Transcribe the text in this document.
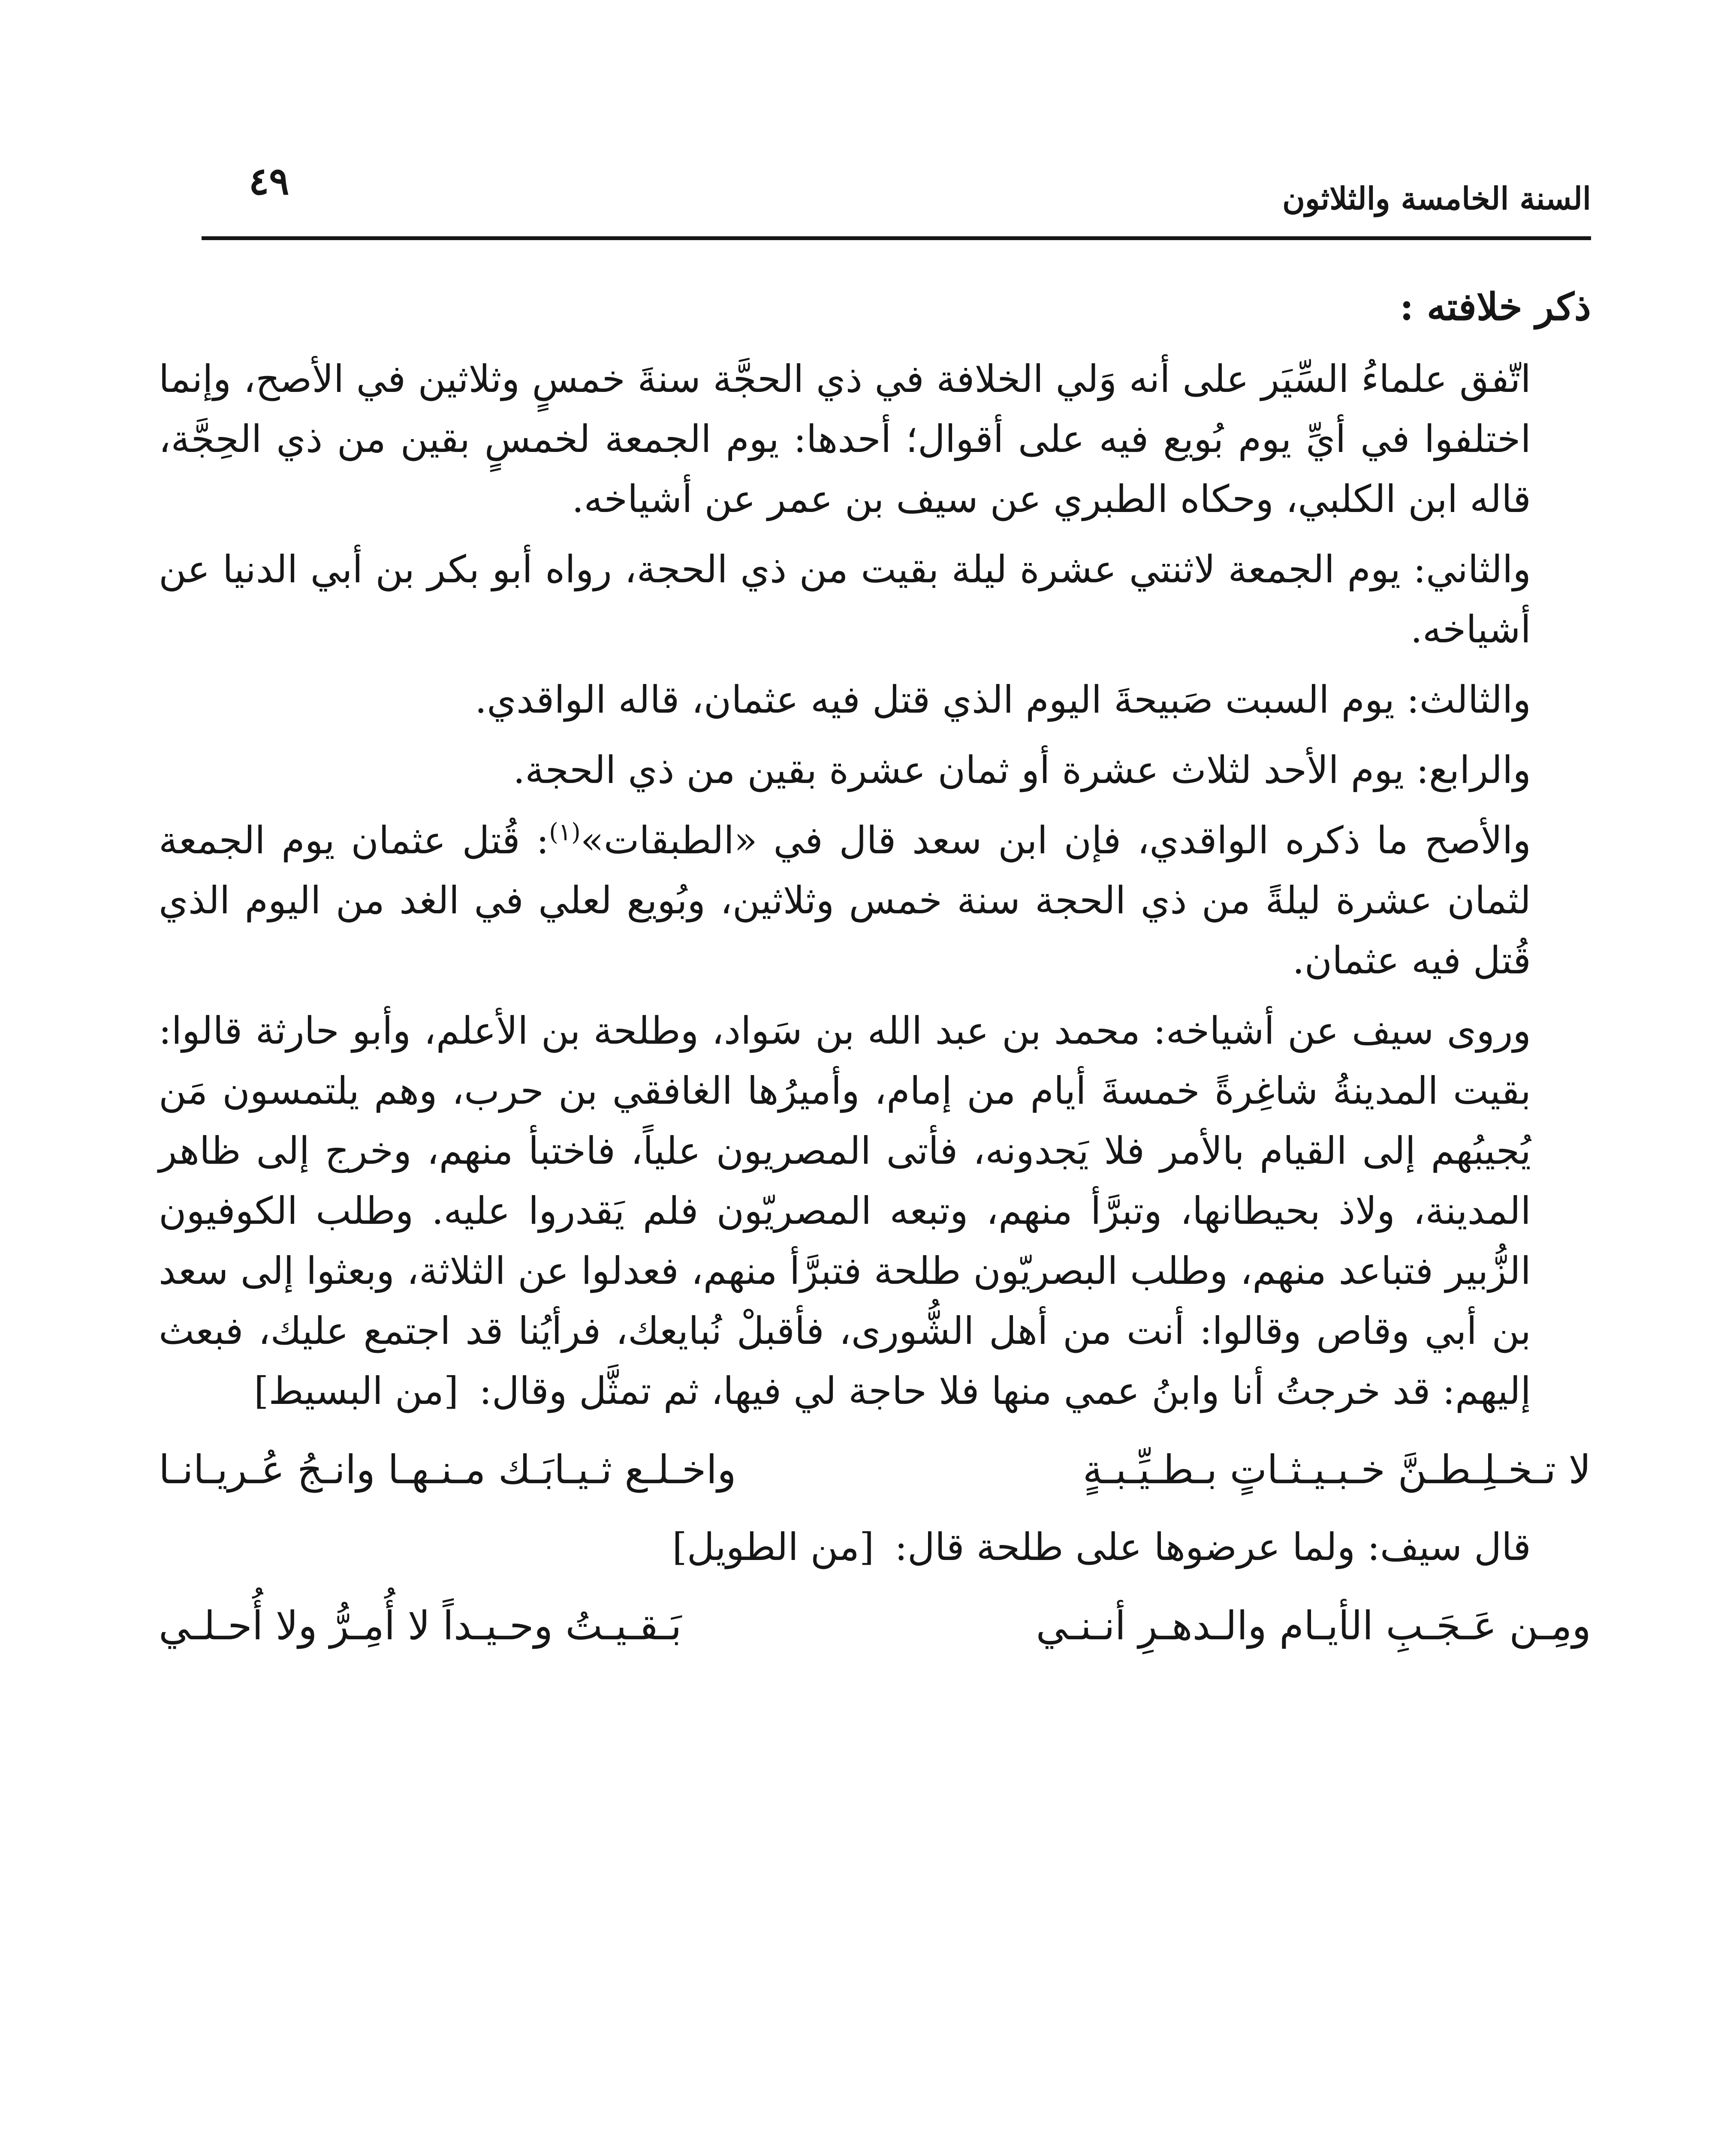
السنة الخامسة والثلاثون
٤٩

ذكر خلافته :

اتّفق علماءُ السِّيَر على أنه وَلي الخلافة في ذي الحجَّة سنةَ خمسٍ وثلاثين في الأصح، وإنما اختلفوا في أيِّ يوم بُويع فيه على أقوال؛ أحدها: يوم الجمعة لخمسٍ بقين من ذي الحِجَّة، قاله ابن الكلبي، وحكاه الطبري عن سيف بن عمر عن أشياخه.

والثاني: يوم الجمعة لاثنتي عشرة ليلة بقيت من ذي الحجة، رواه أبو بكر بن أبي الدنيا عن أشياخه.

والثالث: يوم السبت صَبيحةَ اليوم الذي قتل فيه عثمان، قاله الواقدي.

والرابع: يوم الأحد لثلاث عشرة أو ثمان عشرة بقين من ذي الحجة.

والأصح ما ذكره الواقدي، فإن ابن سعد قال في «الطبقات»$^{(١)}$: قُتل عثمان يوم الجمعة لثمان عشرة ليلةً من ذي الحجة سنة خمس وثلاثين، وبُويع لعلي في الغد من اليوم الذي قُتل فيه عثمان.

وروى سيف عن أشياخه: محمد بن عبد الله بن سَواد، وطلحة بن الأعلم، وأبو حارثة قالوا: بقيت المدينةُ شاغِرةً خمسةَ أيام من إمام، وأميرُها الغافقي بن حرب، وهم يلتمسون مَن يُجيبُهم إلى القيام بالأمر فلا يَجدونه، فأتى المصريون علياً، فاختبأ منهم، وخرج إلى ظاهر المدينة، ولاذ بحيطانها، وتبرَّأ منهم، وتبعه المصريّون فلم يَقدروا عليه. وطلب الكوفيون الزُّبير فتباعد منهم، وطلب البصريّون طلحة فتبرَّأ منهم، فعدلوا عن الثلاثة، وبعثوا إلى سعد بن أبي وقاص وقالوا: أنت من أهل الشُّورى، فأقبلْ نُبايعك، فرأيُنا قد اجتمع عليك، فبعث إليهم: قد خرجتُ أنا وابنُ عمي منها فلا حاجة لي فيها، ثم تمثَّل وقال: [من البسيط]

لا تـخـلِـطـنَّ خـبـيـثـاتٍ بـطـيِّـبـةٍ
واخـلـع ثـيـابَـك مـنـهـا وانـجُ عُـريـانـا

قال سيف: ولما عرضوها على طلحة قال: [من الطويل]

ومِـن عَـجَـبِ الأيـام والـدهـرِ أنـنـي
بَـقـيـتُ وحـيـداً لا أُمِـرُّ ولا أُحـلـي
